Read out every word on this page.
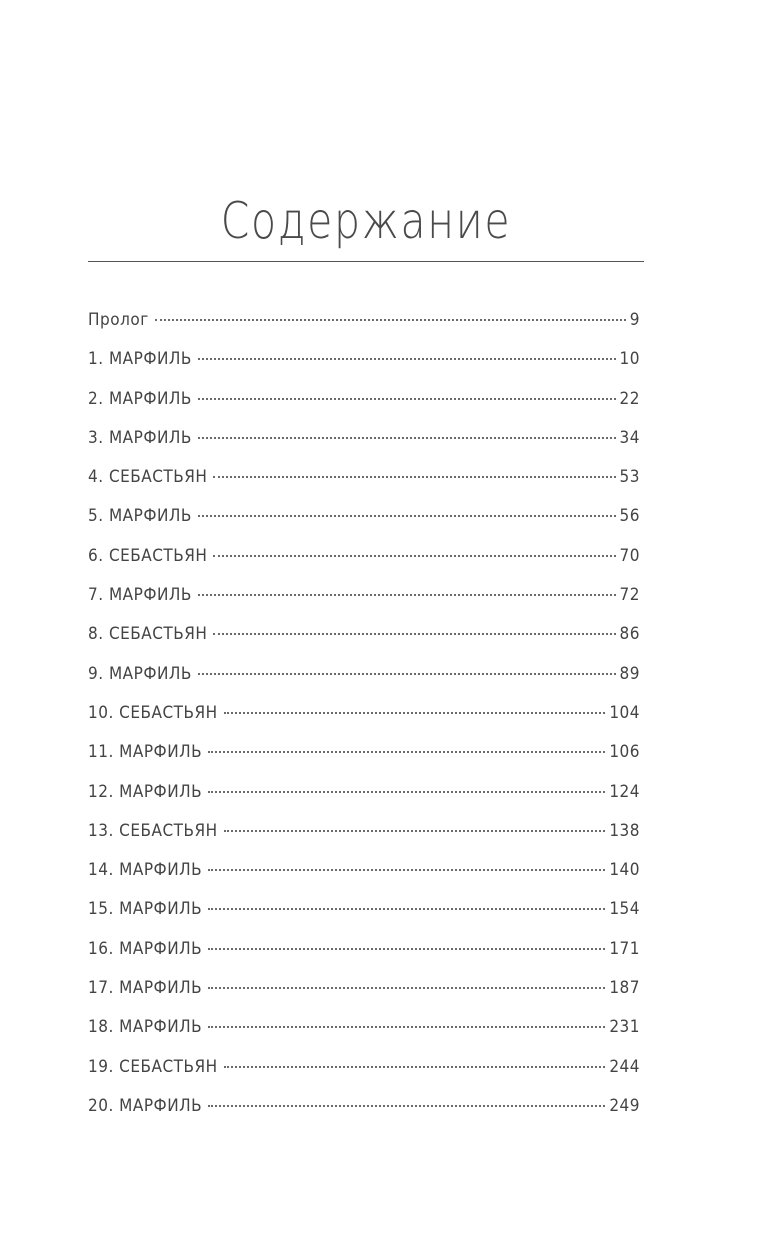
Содержание
Пролог	9
1. МАРФИЛЬ	10
2. МАРФИЛЬ	22
3. МАРФИЛЬ	34
4. СЕБАСТЬЯН	53
5. МАРФИЛЬ	56
6. СЕБАСТЬЯН	70
7. МАРФИЛЬ	72
8. СЕБАСТЬЯН	86
9. МАРФИЛЬ	89
10. СЕБАСТЬЯН	104
11. МАРФИЛЬ	106
12. МАРФИЛЬ	124
13. СЕБАСТЬЯН	138
14. МАРФИЛЬ	140
15. МАРФИЛЬ	154
16. МАРФИЛЬ	171
17. МАРФИЛЬ	187
18. МАРФИЛЬ	231
19. СЕБАСТЬЯН	244
20. МАРФИЛЬ	249
